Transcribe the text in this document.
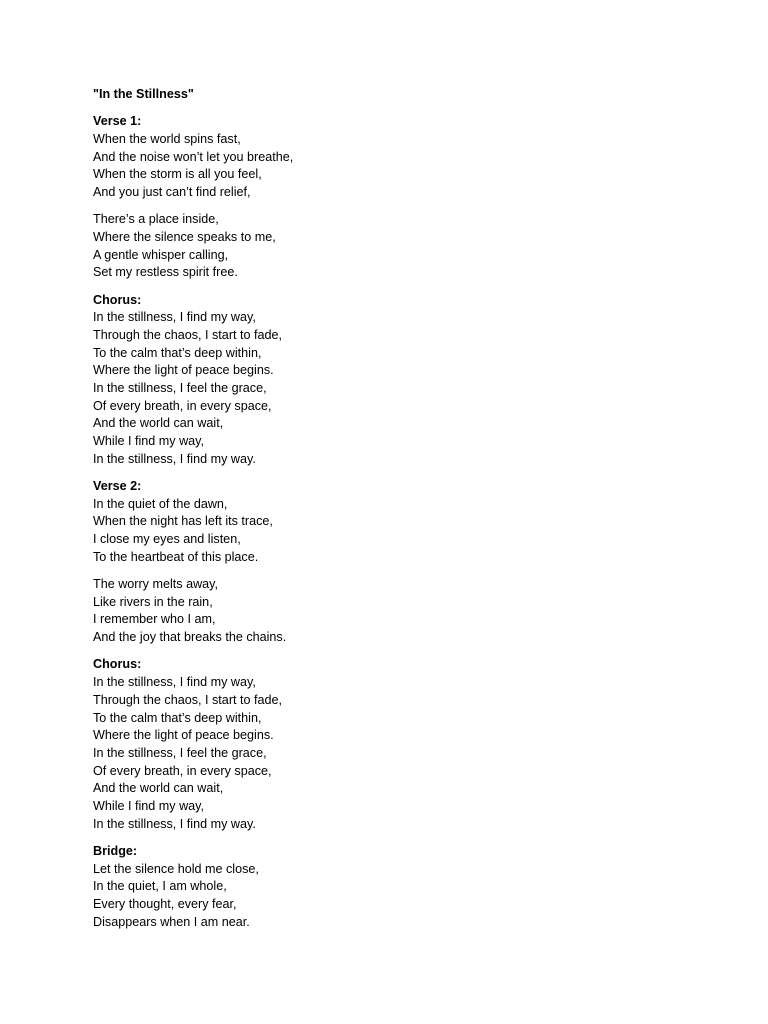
"In the Stillness"
Verse 1:
When the world spins fast,
And the noise won’t let you breathe,
When the storm is all you feel,
And you just can’t find relief,
There’s a place inside,
Where the silence speaks to me,
A gentle whisper calling,
Set my restless spirit free.
Chorus:
In the stillness, I find my way,
Through the chaos, I start to fade,
To the calm that’s deep within,
Where the light of peace begins.
In the stillness, I feel the grace,
Of every breath, in every space,
And the world can wait,
While I find my way,
In the stillness, I find my way.
Verse 2:
In the quiet of the dawn,
When the night has left its trace,
I close my eyes and listen,
To the heartbeat of this place.
The worry melts away,
Like rivers in the rain,
I remember who I am,
And the joy that breaks the chains.
Chorus:
In the stillness, I find my way,
Through the chaos, I start to fade,
To the calm that’s deep within,
Where the light of peace begins.
In the stillness, I feel the grace,
Of every breath, in every space,
And the world can wait,
While I find my way,
In the stillness, I find my way.
Bridge:
Let the silence hold me close,
In the quiet, I am whole,
Every thought, every fear,
Disappears when I am near.
